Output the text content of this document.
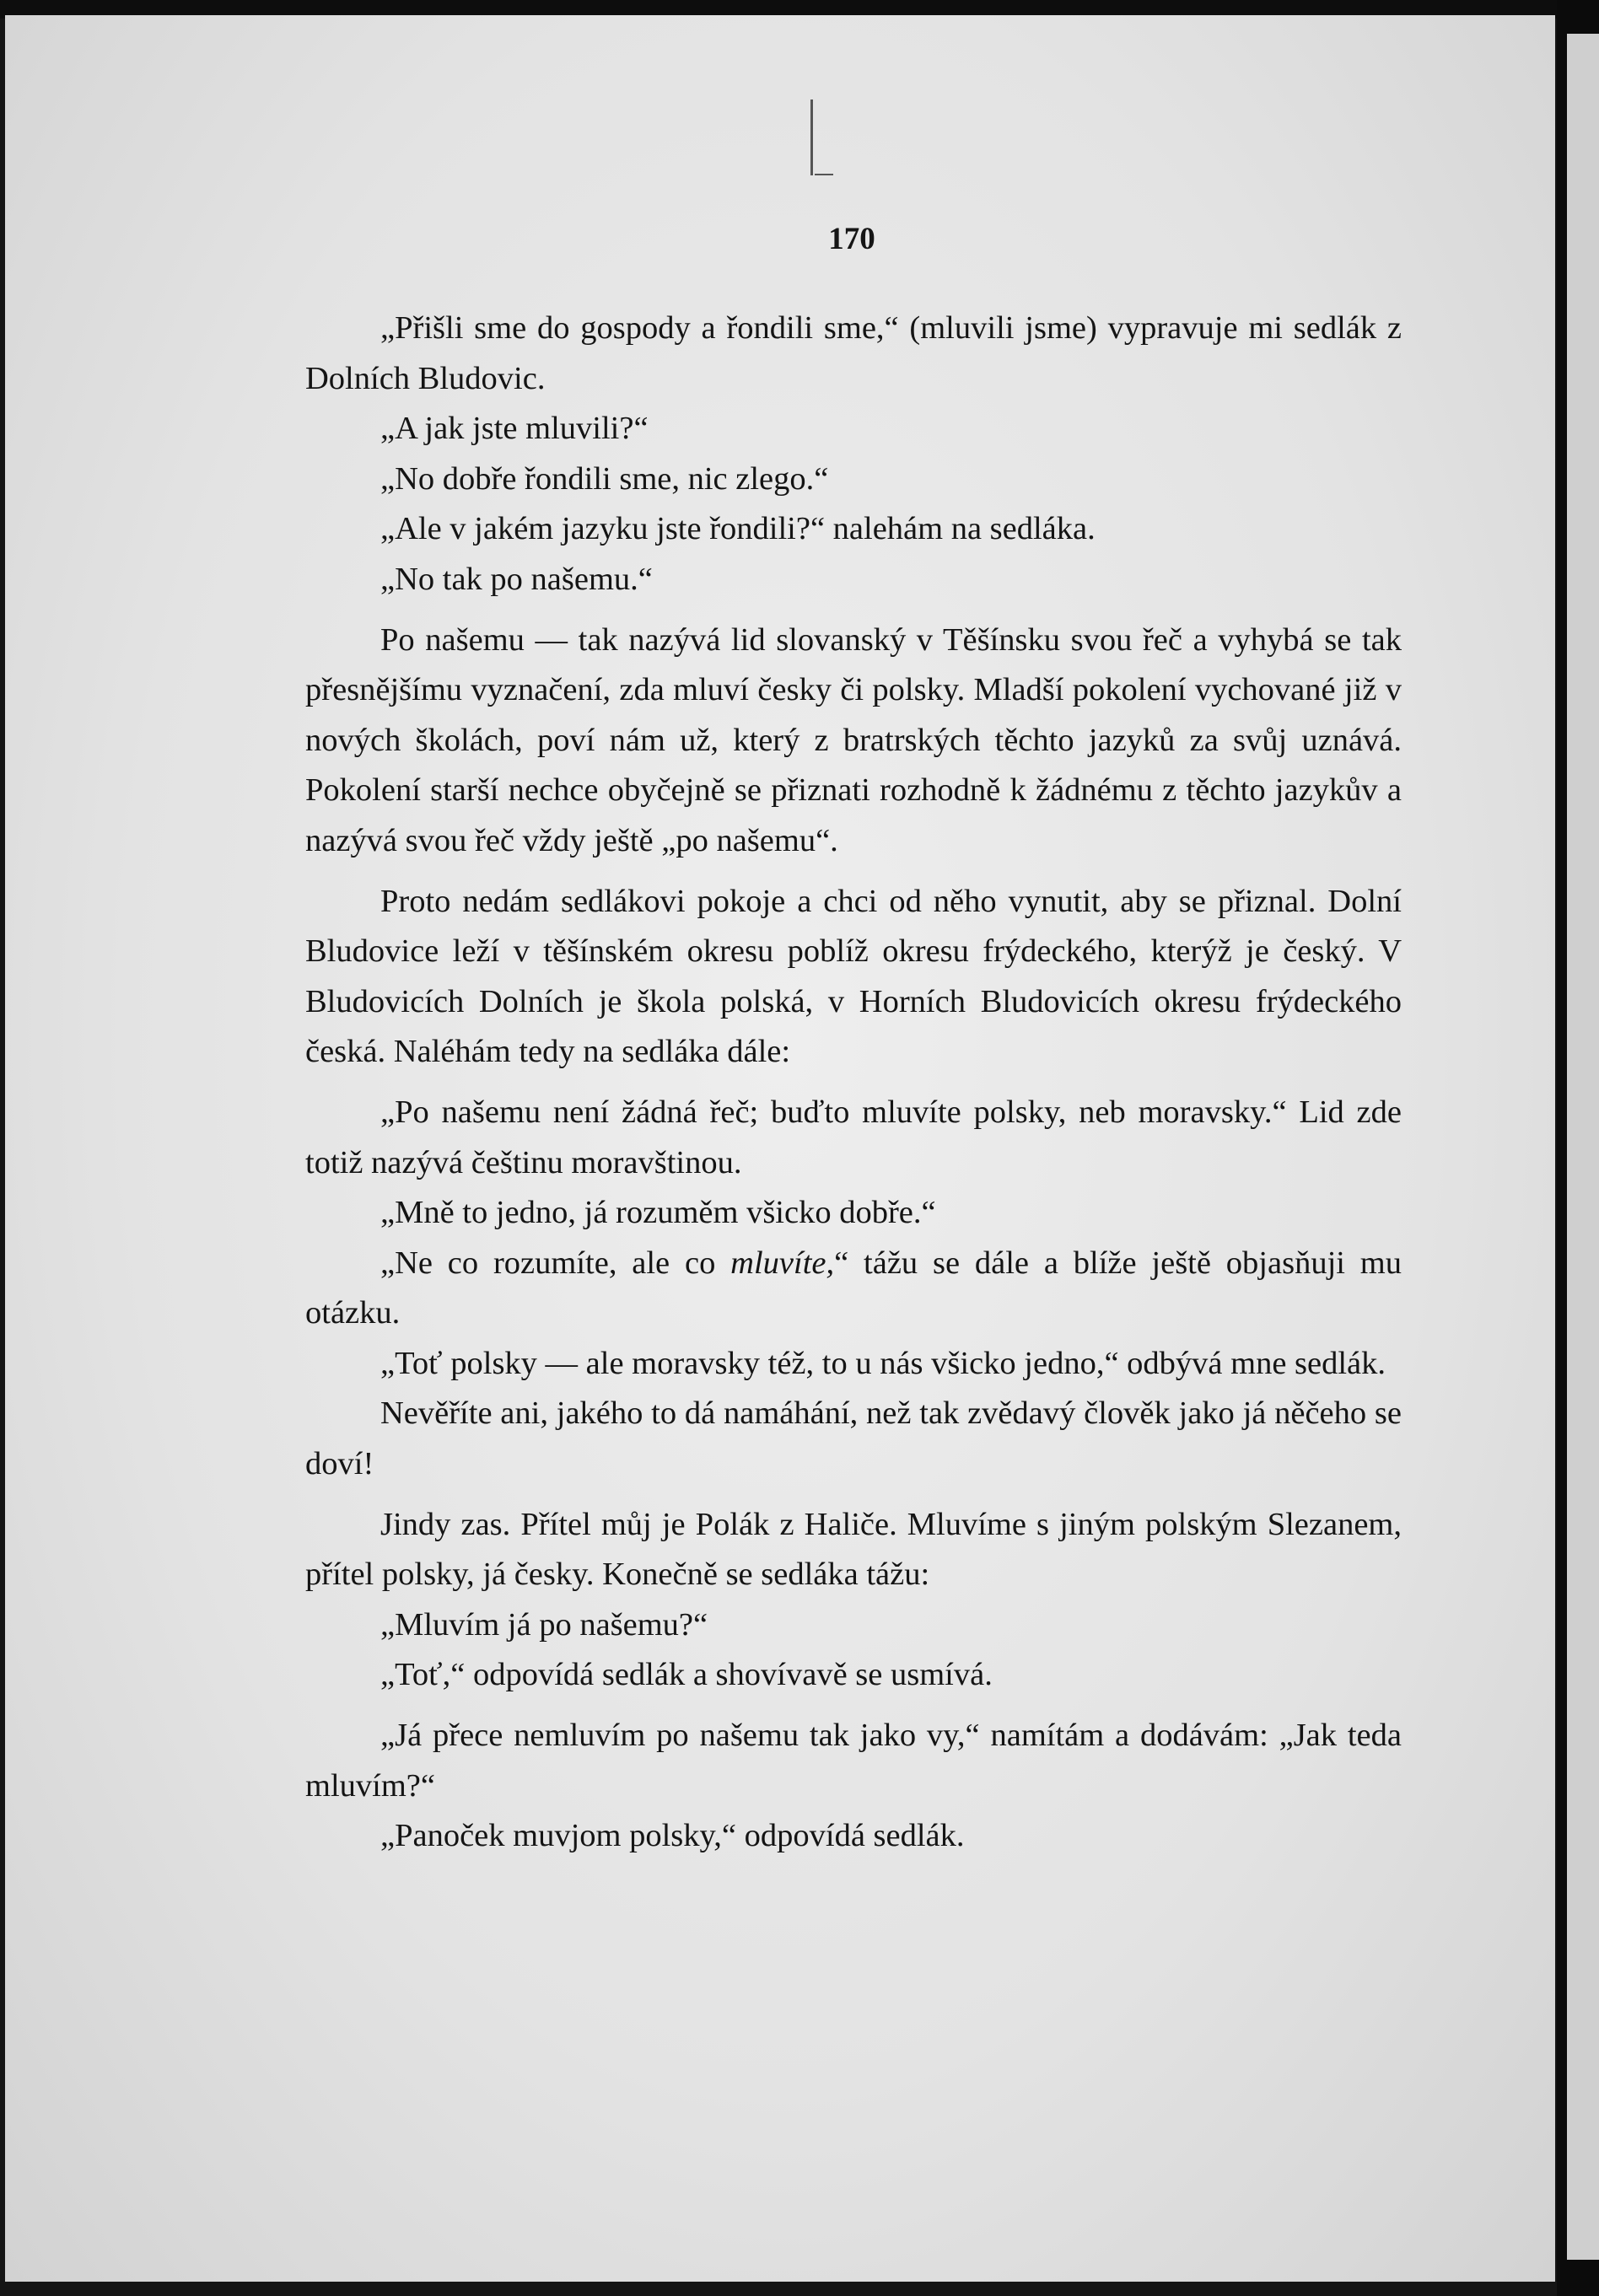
170

„Přišli sme do gospody a řondili sme,“ (mluvili jsme) vypravuje mi sedlák z Dolních Bludovic.

„A jak jste mluvili?“

„No dobře řondili sme, nic zlego.“

„Ale v jakém jazyku jste řondili?“ nalehám na sedláka.

„No tak po našemu.“

Po našemu — tak nazývá lid slovanský v Těšínsku svou řeč a vyhybá se tak přesnějšímu vyznačení, zda mluví česky či polsky. Mladší pokolení vychované již v nových školách, poví nám už, který z bratrských těchto jazyků za svůj uznává. Pokolení starší nechce obyčejně se přiznati rozhodně k žádnému z těchto jazykův a nazývá svou řeč vždy ještě „po našemu“.

Proto nedám sedlákovi pokoje a chci od něho vynutit, aby se přiznal. Dolní Bludovice leží v těšínském okresu poblíž okresu frýdeckého, kterýž je český. V Bludovicích Dolních je škola polská, v Horních Bludovicích okresu frýdeckého česká. Naléhám tedy na sedláka dále:

„Po našemu není žádná řeč; buďto mluvíte polsky, neb moravsky.“ Lid zde totiž nazývá češtinu moravštinou.

„Mně to jedno, já rozuměm všicko dobře.“

„Ne co rozumíte, ale co mluvíte,“ tážu se dále a blíže ještě objasňuji mu otázku.

„Toť polsky — ale moravsky též, to u nás všicko jedno,“ odbývá mne sedlák.

Nevěříte ani, jakého to dá namáhání, než tak zvědavý člověk jako já něčeho se doví!

Jindy zas. Přítel můj je Polák z Haliče. Mluvíme s jiným polským Slezanem, přítel polsky, já česky. Konečně se sedláka tážu:

„Mluvím já po našemu?“

„Toť,“ odpovídá sedlák a shovívavě se usmívá.

„Já přece nemluvím po našemu tak jako vy,“ namítám a dodávám: „Jak teda mluvím?“

„Panoček muvjom polsky,“ odpovídá sedlák.
